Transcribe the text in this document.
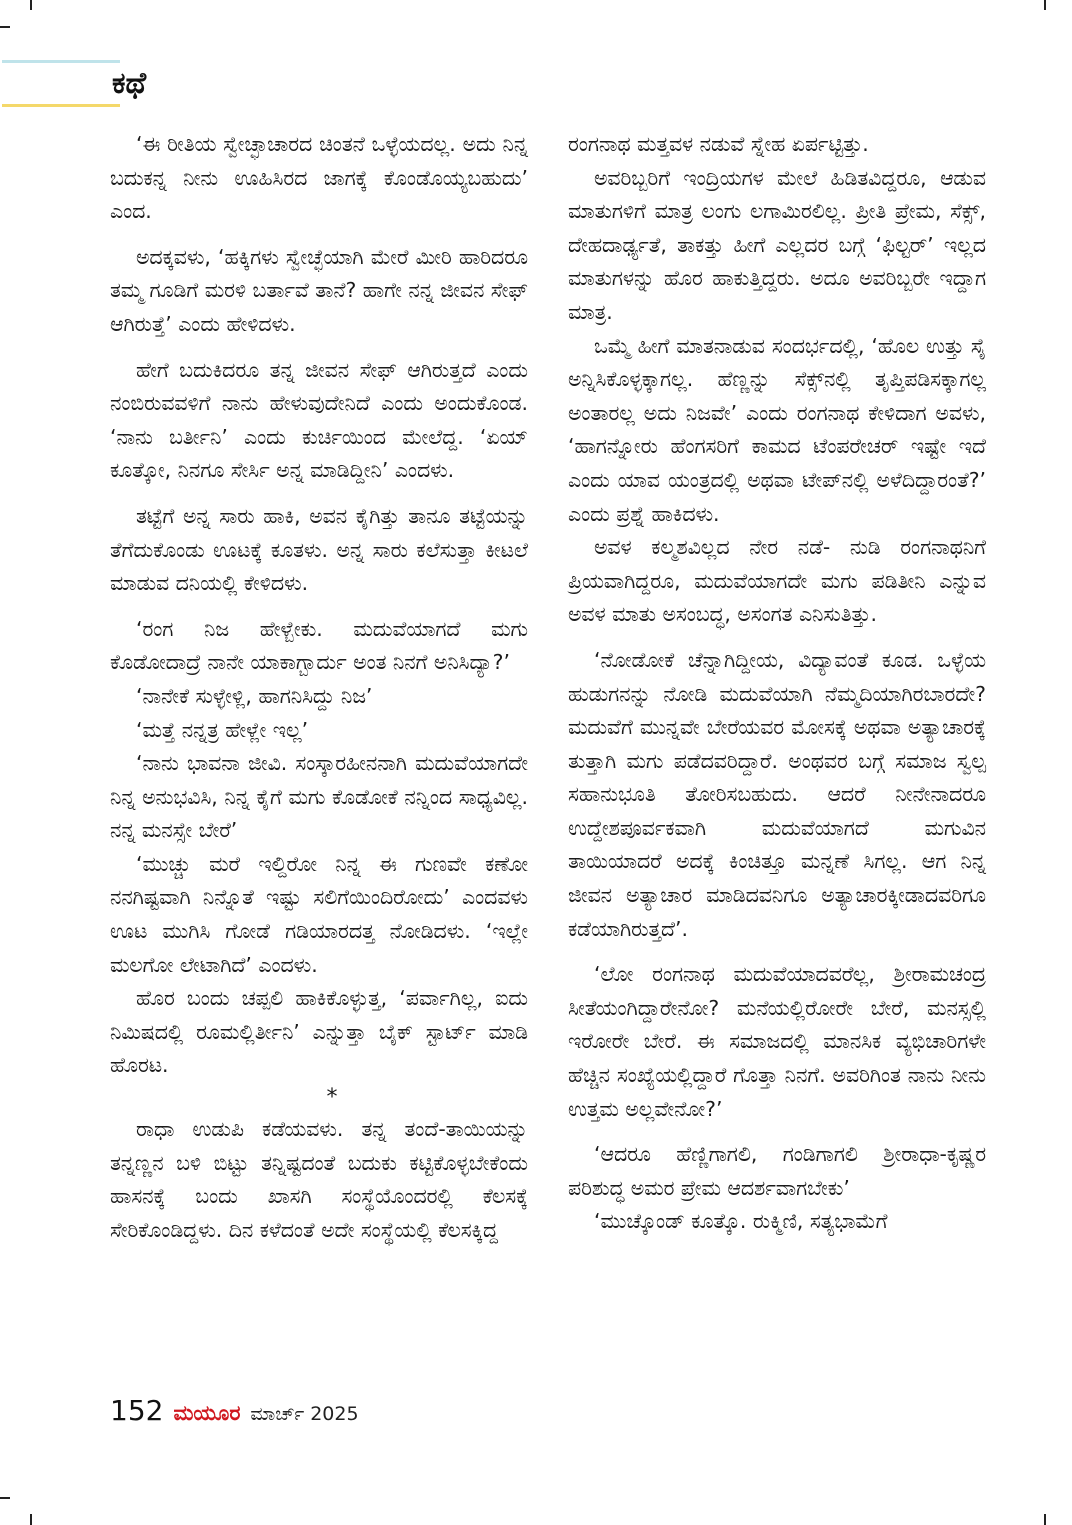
ಕಥೆ

‘ಈ ರೀತಿಯ ಸ್ವೇಚ್ಛಾಚಾರದ ಚಿಂತನೆ ಒಳ್ಳೆಯದಲ್ಲ. ಅದು ನಿನ್ನ ಬದುಕನ್ನ ನೀನು ಊಹಿಸಿರದ ಜಾಗಕ್ಕೆ ಕೊಂಡೊಯ್ಯಬಹುದು’ ಎಂದ.

ಅದಕ್ಕವಳು, ‘ಹಕ್ಕಿಗಳು ಸ್ವೇಚ್ಛೆಯಾಗಿ ಮೇರೆ ಮೀರಿ ಹಾರಿದರೂ ತಮ್ಮ ಗೂಡಿಗೆ ಮರಳಿ ಬರ್ತಾವೆ ತಾನೆ? ಹಾಗೇ ನನ್ನ ಜೀವನ ಸೇಫ್ ಆಗಿರುತ್ತೆ’ ಎಂದು ಹೇಳಿದಳು.

ಹೇಗೆ ಬದುಕಿದರೂ ತನ್ನ ಜೀವನ ಸೇಫ್ ಆಗಿರುತ್ತದೆ ಎಂದು ನಂಬಿರುವವಳಿಗೆ ನಾನು ಹೇಳುವುದೇನಿದೆ ಎಂದು ಅಂದುಕೊಂಡ. ‘ನಾನು ಬರ್ತೀನಿ’ ಎಂದು ಕುರ್ಚಿಯಿಂದ ಮೇಲೆದ್ದ. ‘ಏಯ್ ಕೂತ್ಕೋ, ನಿನಗೂ ಸೇರ್ಸಿ ಅನ್ನ ಮಾಡಿದ್ದೀನಿ’ ಎಂದಳು.

ತಟ್ಟೆಗೆ ಅನ್ನ ಸಾರು ಹಾಕಿ, ಅವನ ಕೈಗಿತ್ತು ತಾನೂ ತಟ್ಟೆಯನ್ನು ತೆಗೆದುಕೊಂಡು ಊಟಕ್ಕೆ ಕೂತಳು. ಅನ್ನ ಸಾರು ಕಲೆಸುತ್ತಾ ಕೀಟಲೆ ಮಾಡುವ ದನಿಯಲ್ಲಿ ಕೇಳಿದಳು.

‘ರಂಗ ನಿಜ ಹೇಳ್ಬೇಕು. ಮದುವೆಯಾಗದೆ ಮಗು ಕೊಡೋದಾದ್ರೆ ನಾನೇ ಯಾಕಾಗ್ಬಾರ್ದು ಅಂತ ನಿನಗೆ ಅನಿಸಿದ್ಯಾ?’

‘ನಾನೇಕೆ ಸುಳ್ಳೇಳ್ಲಿ, ಹಾಗನಿಸಿದ್ದು ನಿಜ’

‘ಮತ್ತೆ ನನ್ನತ್ರ ಹೇಳ್ಲೇ ಇಲ್ಲ’

‘ನಾನು ಭಾವನಾ ಜೀವಿ. ಸಂಸ್ಕಾರಹೀನನಾಗಿ ಮದುವೆಯಾಗದೇ ನಿನ್ನ ಅನುಭವಿಸಿ, ನಿನ್ನ ಕೈಗೆ ಮಗು ಕೊಡೋಕೆ ನನ್ನಿಂದ ಸಾಧ್ಯವಿಲ್ಲ. ನನ್ನ ಮನಸ್ಸೇ ಬೇರೆ’

‘ಮುಚ್ಚು ಮರೆ ಇಲ್ದಿರೋ ನಿನ್ನ ಈ ಗುಣವೇ ಕಣೋ ನನಗಿಷ್ಟವಾಗಿ ನಿನ್ನೊತೆ ಇಷ್ಟು ಸಲಿಗೆಯಿಂದಿರೋದು’ ಎಂದವಳು ಊಟ ಮುಗಿಸಿ ಗೋಡೆ ಗಡಿಯಾರದತ್ತ ನೋಡಿದಳು. ‘ಇಲ್ಲೇ ಮಲಗೋ ಲೇಟಾಗಿದೆ’ ಎಂದಳು.

ಹೊರ ಬಂದು ಚಪ್ಪಲಿ ಹಾಕಿಕೊಳ್ಳುತ್ತ, ‘ಪರ್ವಾಗಿಲ್ಲ, ಐದು ನಿಮಿಷದಲ್ಲಿ ರೂಮಲ್ಲಿರ್ತೀನಿ’ ಎನ್ನುತ್ತಾ ಬೈಕ್ ಸ್ಟಾರ್ಟ್ ಮಾಡಿ ಹೊರಟ.

*

ರಾಧಾ ಉಡುಪಿ ಕಡೆಯವಳು. ತನ್ನ ತಂದೆ-ತಾಯಿಯನ್ನು ತನ್ನಣ್ಣನ ಬಳಿ ಬಿಟ್ಟು ತನ್ನಿಷ್ಟದಂತೆ ಬದುಕು ಕಟ್ಟಿಕೊಳ್ಳಬೇಕೆಂದು ಹಾಸನಕ್ಕೆ ಬಂದು ಖಾಸಗಿ ಸಂಸ್ಥೆಯೊಂದರಲ್ಲಿ ಕೆಲಸಕ್ಕೆ ಸೇರಿಕೊಂಡಿದ್ದಳು. ದಿನ ಕಳೆದಂತೆ ಅದೇ ಸಂಸ್ಥೆಯಲ್ಲಿ ಕೆಲಸಕ್ಕಿದ್ದ

ರಂಗನಾಥ ಮತ್ತವಳ ನಡುವೆ ಸ್ನೇಹ ಏರ್ಪಟ್ಟಿತ್ತು.

ಅವರಿಬ್ಬರಿಗೆ ಇಂದ್ರಿಯಗಳ ಮೇಲೆ ಹಿಡಿತವಿದ್ದರೂ, ಆಡುವ ಮಾತುಗಳಿಗೆ ಮಾತ್ರ ಲಂಗು ಲಗಾಮಿರಲಿಲ್ಲ. ಪ್ರೀತಿ ಪ್ರೇಮ, ಸೆಕ್ಸ್, ದೇಹದಾರ್ಢ್ಯತೆ, ತಾಕತ್ತು ಹೀಗೆ ಎಲ್ಲದರ ಬಗ್ಗೆ ‘ಫಿಲ್ಟರ್’ ಇಲ್ಲದ ಮಾತುಗಳನ್ನು ಹೊರ ಹಾಕುತ್ತಿದ್ದರು. ಅದೂ ಅವರಿಬ್ಬರೇ ಇದ್ದಾಗ ಮಾತ್ರ.

ಒಮ್ಮೆ ಹೀಗೆ ಮಾತನಾಡುವ ಸಂದರ್ಭದಲ್ಲಿ, ‘ಹೊಲ ಉತ್ತು ಸೈ ಅನ್ನಿಸಿಕೊಳ್ಳಕ್ಕಾಗಲ್ಲ. ಹೆಣ್ಣನ್ನು ಸೆಕ್ಸ್‌ನಲ್ಲಿ ತೃಪ್ತಿಪಡಿಸಕ್ಕಾಗಲ್ಲ ಅಂತಾರಲ್ಲ ಅದು ನಿಜವೇ’ ಎಂದು ರಂಗನಾಥ ಕೇಳಿದಾಗ ಅವಳು, ‘ಹಾಗನ್ನೋರು ಹೆಂಗಸರಿಗೆ ಕಾಮದ ಟೆಂಪರೇಚರ್ ಇಷ್ಟೇ ಇದೆ ಎಂದು ಯಾವ ಯಂತ್ರದಲ್ಲಿ ಅಥವಾ ಟೇಪ್‌ನಲ್ಲಿ ಅಳೆದಿದ್ದಾರಂತೆ?’ ಎಂದು ಪ್ರಶ್ನೆ ಹಾಕಿದಳು.

ಅವಳ ಕಲ್ಮಶವಿಲ್ಲದ ನೇರ ನಡೆ- ನುಡಿ ರಂಗನಾಥನಿಗೆ ಪ್ರಿಯವಾಗಿದ್ದರೂ, ಮದುವೆಯಾಗದೇ ಮಗು ಪಡಿತೀನಿ ಎನ್ನುವ ಅವಳ ಮಾತು ಅಸಂಬದ್ಧ, ಅಸಂಗತ ಎನಿಸುತಿತ್ತು.

‘ನೋಡೋಕೆ ಚೆನ್ನಾಗಿದ್ದೀಯ, ವಿದ್ಯಾವಂತೆ ಕೂಡ. ಒಳ್ಳೆಯ ಹುಡುಗನನ್ನು ನೋಡಿ ಮದುವೆಯಾಗಿ ನೆಮ್ಮದಿಯಾಗಿರಬಾರದೇ? ಮದುವೆಗೆ ಮುನ್ನವೇ ಬೇರೆಯವರ ಮೋಸಕ್ಕೆ ಅಥವಾ ಅತ್ಯಾಚಾರಕ್ಕೆ ತುತ್ತಾಗಿ ಮಗು ಪಡೆದವರಿದ್ದಾರೆ. ಅಂಥವರ ಬಗ್ಗೆ ಸಮಾಜ ಸ್ವಲ್ಪ ಸಹಾನುಭೂತಿ ತೋರಿಸಬಹುದು. ಆದರೆ ನೀನೇನಾದರೂ ಉದ್ದೇಶಪೂರ್ವಕವಾಗಿ ಮದುವೆಯಾಗದೆ ಮಗುವಿನ ತಾಯಿಯಾದರೆ ಅದಕ್ಕೆ ಕಿಂಚಿತ್ತೂ ಮನ್ನಣೆ ಸಿಗಲ್ಲ. ಆಗ ನಿನ್ನ ಜೀವನ ಅತ್ಯಾಚಾರ ಮಾಡಿದವನಿಗೂ ಅತ್ಯಾಚಾರಕ್ಕೀಡಾದವರಿಗೂ ಕಡೆಯಾಗಿರುತ್ತದೆ’.

‘ಲೋ ರಂಗನಾಥ ಮದುವೆಯಾದವರೆಲ್ಲ, ಶ್ರೀರಾಮಚಂದ್ರ ಸೀತೆಯಂಗಿದ್ದಾರೇನೋ? ಮನೆಯಲ್ಲಿರೋರೇ ಬೇರೆ, ಮನಸ್ಸಲ್ಲಿ ಇರೋರೇ ಬೇರೆ. ಈ ಸಮಾಜದಲ್ಲಿ ಮಾನಸಿಕ ವ್ಯಭಿಚಾರಿಗಳೇ ಹೆಚ್ಚಿನ ಸಂಖ್ಯೆಯಲ್ಲಿದ್ದಾರೆ ಗೊತ್ತಾ ನಿನಗೆ. ಅವರಿಗಿಂತ ನಾನು ನೀನು ಉತ್ತಮ ಅಲ್ಲವೇನೋ?’

‘ಆದರೂ ಹೆಣ್ಣಿಗಾಗಲಿ, ಗಂಡಿಗಾಗಲಿ ಶ್ರೀರಾಧಾ-ಕೃಷ್ಣರ ಪರಿಶುದ್ಧ ಅಮರ ಪ್ರೇಮ ಆದರ್ಶವಾಗಬೇಕು’

‘ಮುಚ್ಕೊಂಡ್ ಕೂತ್ಕೊ. ರುಕ್ಮಿಣಿ, ಸತ್ಯಭಾಮೆಗೆ

152 ಮಯೂರ ಮಾರ್ಚ್ 2025
